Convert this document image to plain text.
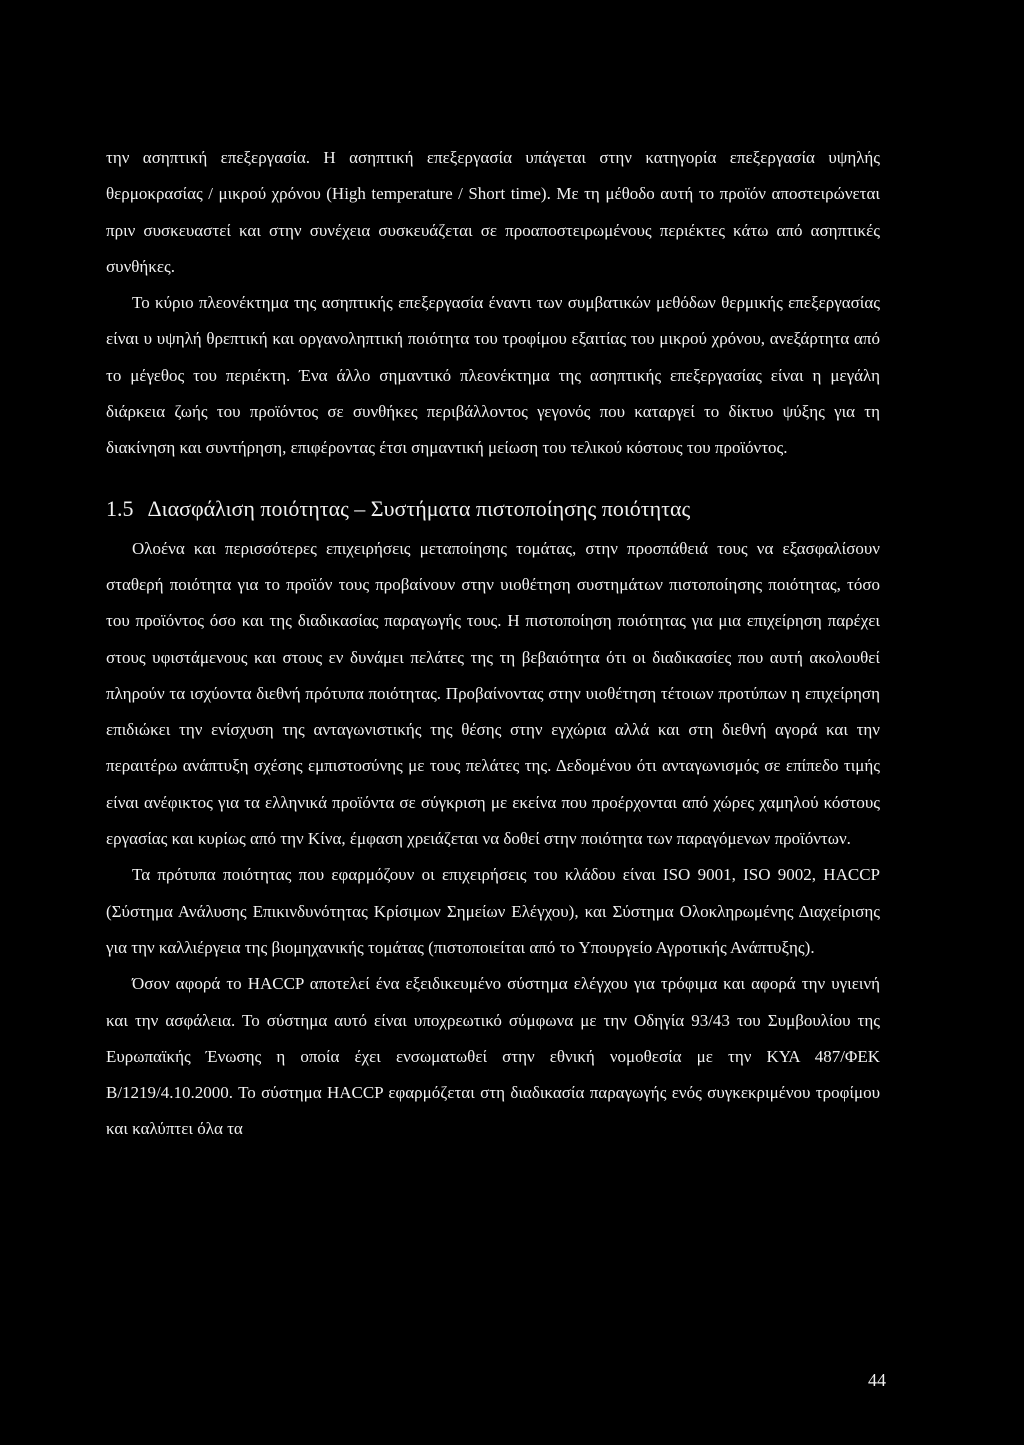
την ασηπτική επεξεργασία. Η ασηπτική επεξεργασία υπάγεται στην κατηγορία επεξεργασία υψηλής θερμοκρασίας / μικρού χρόνου (High temperature / Short time). Με τη μέθοδο αυτή το προϊόν αποστειρώνεται πριν συσκευαστεί και στην συνέχεια συσκευάζεται σε προαποστειρωμένους περιέκτες κάτω από ασηπτικές συνθήκες.

Το κύριο πλεονέκτημα της ασηπτικής επεξεργασία έναντι των συμβατικών μεθόδων θερμικής επεξεργασίας είναι υ υψηλή θρεπτική και οργανοληπτική ποιότητα του τροφίμου εξαιτίας του μικρού χρόνου, ανεξάρτητα από το μέγεθος του περιέκτη. Ένα άλλο σημαντικό πλεονέκτημα της ασηπτικής επεξεργασίας είναι η μεγάλη διάρκεια ζωής του προϊόντος σε συνθήκες περιβάλλοντος γεγονός που καταργεί το δίκτυο ψύξης για τη διακίνηση και συντήρηση, επιφέροντας έτσι σημαντική μείωση του τελικού κόστους του προϊόντος.

1.5 Διασφάλιση ποιότητας – Συστήματα πιστοποίησης ποιότητας

Ολοένα και περισσότερες επιχειρήσεις μεταποίησης τομάτας, στην προσπάθειά τους να εξασφαλίσουν σταθερή ποιότητα για το προϊόν τους προβαίνουν στην υιοθέτηση συστημάτων πιστοποίησης ποιότητας, τόσο του προϊόντος όσο και της διαδικασίας παραγωγής τους. Η πιστοποίηση ποιότητας για μια επιχείρηση παρέχει στους υφιστάμενους και στους εν δυνάμει πελάτες της τη βεβαιότητα ότι οι διαδικασίες που αυτή ακολουθεί πληρούν τα ισχύοντα διεθνή πρότυπα ποιότητας. Προβαίνοντας στην υιοθέτηση τέτοιων προτύπων η επιχείρηση επιδιώκει την ενίσχυση της ανταγωνιστικής της θέσης στην εγχώρια αλλά και στη διεθνή αγορά και την περαιτέρω ανάπτυξη σχέσης εμπιστοσύνης με τους πελάτες της. Δεδομένου ότι ανταγωνισμός σε επίπεδο τιμής είναι ανέφικτος για τα ελληνικά προϊόντα σε σύγκριση με εκείνα που προέρχονται από χώρες χαμηλού κόστους εργασίας και κυρίως από την Κίνα, έμφαση χρειάζεται να δοθεί στην ποιότητα των παραγόμενων προϊόντων.

Τα πρότυπα ποιότητας που εφαρμόζουν οι επιχειρήσεις του κλάδου είναι ISO 9001, ISO 9002, HACCP (Σύστημα Ανάλυσης Επικινδυνότητας Κρίσιμων Σημείων Ελέγχου), και Σύστημα Ολοκληρωμένης Διαχείρισης για την καλλιέργεια της βιομηχανικής τομάτας (πιστοποιείται από το Υπουργείο Αγροτικής Ανάπτυξης).

Όσον αφορά το HACCP αποτελεί ένα εξειδικευμένο σύστημα ελέγχου για τρόφιμα και αφορά την υγιεινή και την ασφάλεια. Το σύστημα αυτό είναι υποχρεωτικό σύμφωνα με την Οδηγία 93/43 του Συμβουλίου της Ευρωπαϊκής Ένωσης η οποία έχει ενσωματωθεί στην εθνική νομοθεσία με την ΚΥΑ 487/ΦΕΚ Β/1219/4.10.2000. Το σύστημα HACCP εφαρμόζεται στη διαδικασία παραγωγής ενός συγκεκριμένου τροφίμου και καλύπτει όλα τα

44
